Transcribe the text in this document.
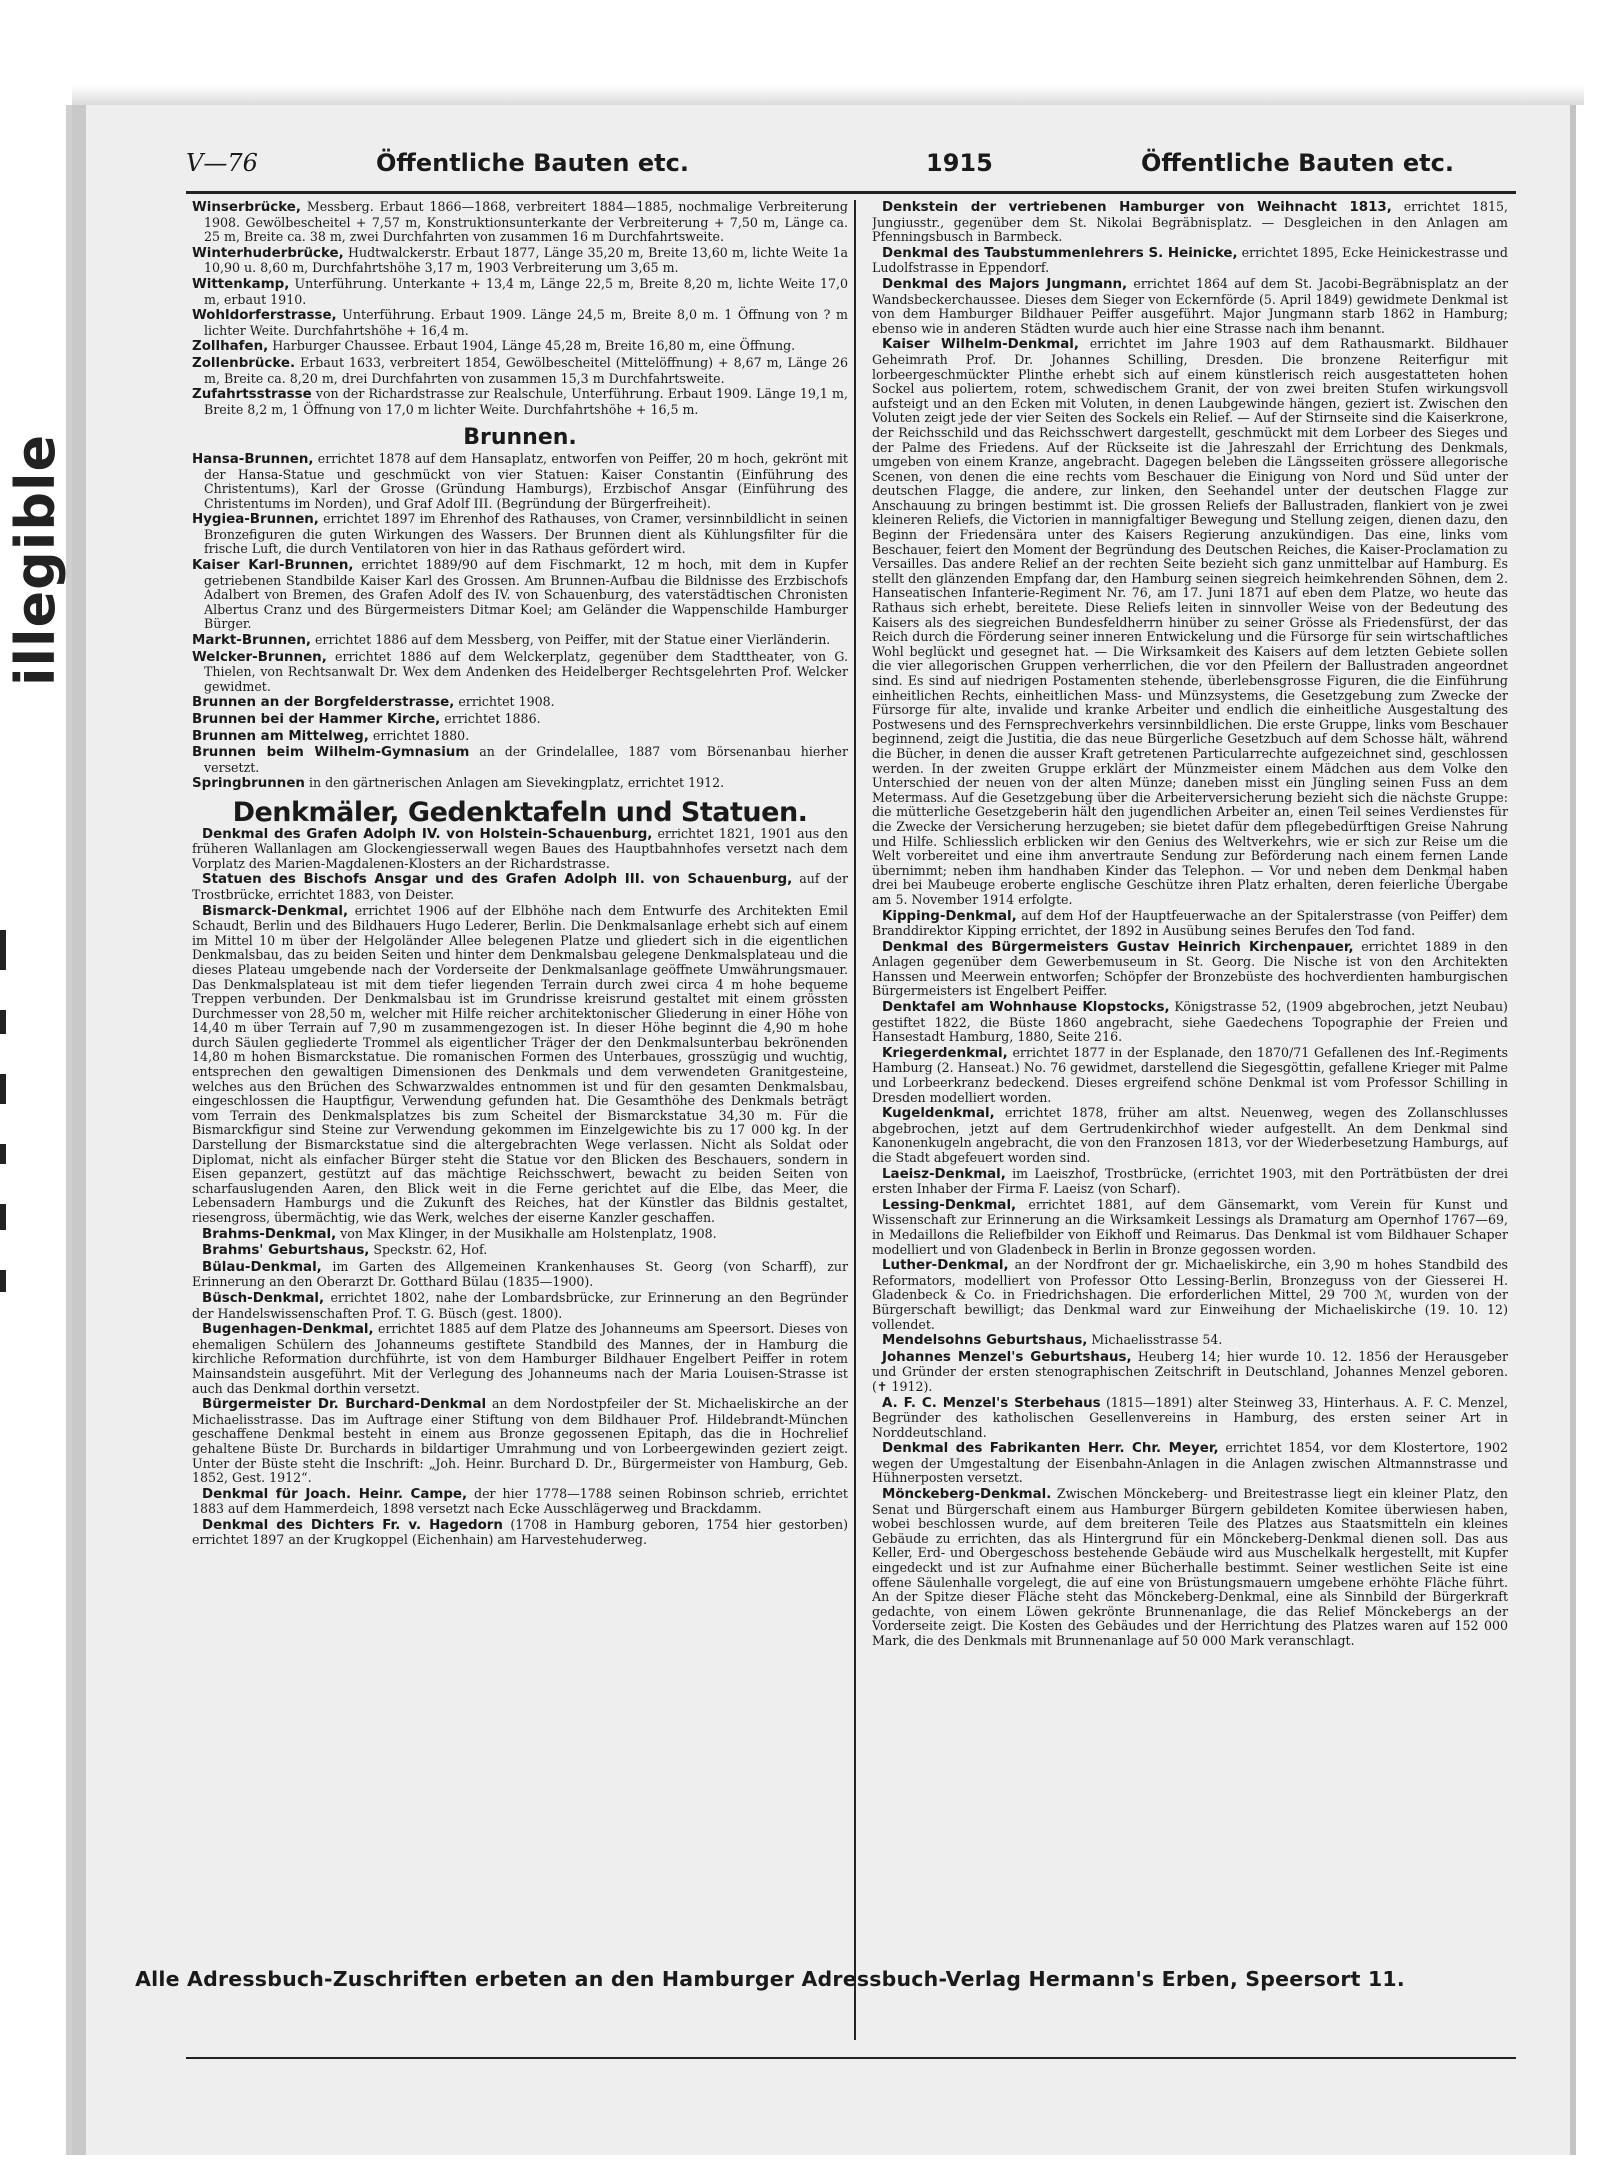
illegible
V—76	Öffentliche Bauten etc.	1915	Öffentliche Bauten etc.

Winserbrücke, Messberg. Erbaut 1866—1868, verbreitert 1884—1885, nochmalige Verbreiterung 1908. Gewölbescheitel + 7,57 m, Konstruktionsunterkante der Verbreiterung + 7,50 m, Länge ca. 25 m, Breite ca. 38 m, zwei Durchfahrten von zusammen 16 m Durchfahrtsweite.

Winterhuderbrücke, Hudtwalckerstr. Erbaut 1877, Länge 35,20 m, Breite 13,60 m, lichte Weite 1a 10,90 u. 8,60 m, Durchfahrtshöhe 3,17 m, 1903 Verbreiterung um 3,65 m.

Wittenkamp, Unterführung. Unterkante + 13,4 m, Länge 22,5 m, Breite 8,20 m, lichte Weite 17,0 m, erbaut 1910.

Wohldorferstrasse, Unterführung. Erbaut 1909. Länge 24,5 m, Breite 8,0 m. 1 Öffnung von ? m lichter Weite. Durchfahrtshöhe + 16,4 m.

Zollhafen, Harburger Chaussee. Erbaut 1904, Länge 45,28 m, Breite 16,80 m, eine Öffnung.

Zollenbrücke. Erbaut 1633, verbreitert 1854, Gewölbescheitel (Mittelöffnung) + 8,67 m, Länge 26 m, Breite ca. 8,20 m, drei Durchfahrten von zusammen 15,3 m Durchfahrtsweite.

Zufahrtsstrasse von der Richardstrasse zur Realschule, Unterführung. Erbaut 1909. Länge 19,1 m, Breite 8,2 m, 1 Öffnung von 17,0 m lichter Weite. Durchfahrtshöhe + 16,5 m.

Brunnen.

Hansa-Brunnen, errichtet 1878 auf dem Hansaplatz, entworfen von Peiffer, 20 m hoch, gekrönt mit der Hansa-Statue und geschmückt von vier Statuen: Kaiser Constantin (Einführung des Christentums), Karl der Grosse (Gründung Hamburgs), Erzbischof Ansgar (Einführung des Christentums im Norden), und Graf Adolf III. (Begründung der Bürgerfreiheit).

Hygiea-Brunnen, errichtet 1897 im Ehrenhof des Rathauses, von Cramer, versinnbildlicht in seinen Bronzefiguren die guten Wirkungen des Wassers. Der Brunnen dient als Kühlungsfilter für die frische Luft, die durch Ventilatoren von hier in das Rathaus gefördert wird.

Kaiser Karl-Brunnen, errichtet 1889/90 auf dem Fischmarkt, 12 m hoch, mit dem in Kupfer getriebenen Standbilde Kaiser Karl des Grossen. Am Brunnen-Aufbau die Bildnisse des Erzbischofs Adalbert von Bremen, des Grafen Adolf des IV. von Schauenburg, des vaterstädtischen Chronisten Albertus Cranz und des Bürgermeisters Ditmar Koel; am Geländer die Wappenschilde Hamburger Bürger.

Markt-Brunnen, errichtet 1886 auf dem Messberg, von Peiffer, mit der Statue einer Vierländerin.

Welcker-Brunnen, errichtet 1886 auf dem Welckerplatz, gegenüber dem Stadttheater, von G. Thielen, von Rechtsanwalt Dr. Wex dem Andenken des Heidelberger Rechtsgelehrten Prof. Welcker gewidmet.

Brunnen an der Borgfelderstrasse, errichtet 1908.

Brunnen bei der Hammer Kirche, errichtet 1886.

Brunnen am Mittelweg, errichtet 1880.

Brunnen beim Wilhelm-Gymnasium an der Grindelallee, 1887 vom Börsenanbau hierher versetzt.

Springbrunnen in den gärtnerischen Anlagen am Sievekingplatz, errichtet 1912.

Denkmäler, Gedenktafeln und Statuen.

Denkmal des Grafen Adolph IV. von Holstein-Schauenburg, errichtet 1821, 1901 aus den früheren Wallanlagen am Glockengiesserwall wegen Baues des Hauptbahnhofes versetzt nach dem Vorplatz des Marien-Magdalenen-Klosters an der Richardstrasse.

Statuen des Bischofs Ansgar und des Grafen Adolph III. von Schauenburg, auf der Trostbrücke, errichtet 1883, von Deister.

Bismarck-Denkmal, errichtet 1906 auf der Elbhöhe nach dem Entwurfe des Architekten Emil Schaudt, Berlin und des Bildhauers Hugo Lederer, Berlin. Die Denkmalsanlage erhebt sich auf einem im Mittel 10 m über der Helgoländer Allee belegenen Platze und gliedert sich in die eigentlichen Denkmalsbau, das zu beiden Seiten und hinter dem Denkmalsbau gelegene Denkmalsplateau und die dieses Plateau umgebende nach der Vorderseite der Denkmalsanlage geöffnete Umwährungsmauer. Das Denkmalsplateau ist mit dem tiefer liegenden Terrain durch zwei circa 4 m hohe bequeme Treppen verbunden. Der Denkmalsbau ist im Grundrisse kreisrund gestaltet mit einem grössten Durchmesser von 28,50 m, welcher mit Hilfe reicher architektonischer Gliederung in einer Höhe von 14,40 m über Terrain auf 7,90 m zusammengezogen ist. In dieser Höhe beginnt die 4,90 m hohe durch Säulen gegliederte Trommel als eigentlicher Träger der den Denkmalsunterbau bekrönenden 14,80 m hohen Bismarckstatue. Die romanischen Formen des Unterbaues, grosszügig und wuchtig, entsprechen den gewaltigen Dimensionen des Denkmals und dem verwendeten Granitgesteine, welches aus den Brüchen des Schwarzwaldes entnommen ist und für den gesamten Denkmalsbau, eingeschlossen die Hauptfigur, Verwendung gefunden hat. Die Gesamthöhe des Denkmals beträgt vom Terrain des Denkmalsplatzes bis zum Scheitel der Bismarckstatue 34,30 m. Für die Bismarckfigur sind Steine zur Verwendung gekommen im Einzelgewichte bis zu 17 000 kg. In der Darstellung der Bismarckstatue sind die altergebrachten Wege verlassen. Nicht als Soldat oder Diplomat, nicht als einfacher Bürger steht die Statue vor den Blicken des Beschauers, sondern in Eisen gepanzert, gestützt auf das mächtige Reichsschwert, bewacht zu beiden Seiten von scharfauslugenden Aaren, den Blick weit in die Ferne gerichtet auf die Elbe, das Meer, die Lebensadern Hamburgs und die Zukunft des Reiches, hat der Künstler das Bildnis gestaltet, riesengross, übermächtig, wie das Werk, welches der eiserne Kanzler geschaffen.

Brahms-Denkmal, von Max Klinger, in der Musikhalle am Holstenplatz, 1908.

Brahms' Geburtshaus, Speckstr. 62, Hof.

Bülau-Denkmal, im Garten des Allgemeinen Krankenhauses St. Georg (von Scharff), zur Erinnerung an den Oberarzt Dr. Gotthard Bülau (1835—1900).

Büsch-Denkmal, errichtet 1802, nahe der Lombardsbrücke, zur Erinnerung an den Begründer der Handelswissenschaften Prof. T. G. Büsch (gest. 1800).

Bugenhagen-Denkmal, errichtet 1885 auf dem Platze des Johanneums am Speersort. Dieses von ehemaligen Schülern des Johanneums gestiftete Standbild des Mannes, der in Hamburg die kirchliche Reformation durchführte, ist von dem Hamburger Bildhauer Engelbert Peiffer in rotem Mainsandstein ausgeführt. Mit der Verlegung des Johanneums nach der Maria Louisen-Strasse ist auch das Denkmal dorthin versetzt.

Bürgermeister Dr. Burchard-Denkmal an dem Nordostpfeiler der St. Michaeliskirche an der Michaelisstrasse. Das im Auftrage einer Stiftung von dem Bildhauer Prof. Hildebrandt-München geschaffene Denkmal besteht in einem aus Bronze gegossenen Epitaph, das die in Hochrelief gehaltene Büste Dr. Burchards in bildartiger Umrahmung und von Lorbeergewinden geziert zeigt. Unter der Büste steht die Inschrift: „Joh. Heinr. Burchard D. Dr., Bürgermeister von Hamburg, Geb. 1852, Gest. 1912“.

Denkmal für Joach. Heinr. Campe, der hier 1778—1788 seinen Robinson schrieb, errichtet 1883 auf dem Hammerdeich, 1898 versetzt nach Ecke Ausschlägerweg und Brackdamm.

Denkmal des Dichters Fr. v. Hagedorn (1708 in Hamburg geboren, 1754 hier gestorben) errichtet 1897 an der Krugkoppel (Eichenhain) am Harvestehuderweg.

Denkstein der vertriebenen Hamburger von Weihnacht 1813, errichtet 1815, Jungiusstr., gegenüber dem St. Nikolai Begräbnisplatz. — Desgleichen in den Anlagen am Pfenningsbusch in Barmbeck.

Denkmal des Taubstummenlehrers S. Heinicke, errichtet 1895, Ecke Heinickestrasse und Ludolfstrasse in Eppendorf.

Denkmal des Majors Jungmann, errichtet 1864 auf dem St. Jacobi-Begräbnisplatz an der Wandsbeckerchaussee. Dieses dem Sieger von Eckernförde (5. April 1849) gewidmete Denkmal ist von dem Hamburger Bildhauer Peiffer ausgeführt. Major Jungmann starb 1862 in Hamburg; ebenso wie in anderen Städten wurde auch hier eine Strasse nach ihm benannt.

Kaiser Wilhelm-Denkmal, errichtet im Jahre 1903 auf dem Rathausmarkt. Bildhauer Geheimrath Prof. Dr. Johannes Schilling, Dresden. Die bronzene Reiterfigur mit lorbeergeschmückter Plinthe erhebt sich auf einem künstlerisch reich ausgestatteten hohen Sockel aus poliertem, rotem, schwedischem Granit, der von zwei breiten Stufen wirkungsvoll aufsteigt und an den Ecken mit Voluten, in denen Laubgewinde hängen, geziert ist. Zwischen den Voluten zeigt jede der vier Seiten des Sockels ein Relief. — Auf der Stirnseite sind die Kaiserkrone, der Reichsschild und das Reichsschwert dargestellt, geschmückt mit dem Lorbeer des Sieges und der Palme des Friedens. Auf der Rückseite ist die Jahreszahl der Errichtung des Denkmals, umgeben von einem Kranze, angebracht. Dagegen beleben die Längsseiten grössere allegorische Scenen, von denen die eine rechts vom Beschauer die Einigung von Nord und Süd unter der deutschen Flagge, die andere, zur linken, den Seehandel unter der deutschen Flagge zur Anschauung zu bringen bestimmt ist. Die grossen Reliefs der Ballustraden, flankiert von je zwei kleineren Reliefs, die Victorien in mannigfaltiger Bewegung und Stellung zeigen, dienen dazu, den Beginn der Friedensära unter des Kaisers Regierung anzukündigen. Das eine, links vom Beschauer, feiert den Moment der Begründung des Deutschen Reiches, die Kaiser-Proclamation zu Versailles. Das andere Relief an der rechten Seite bezieht sich ganz unmittelbar auf Hamburg. Es stellt den glänzenden Empfang dar, den Hamburg seinen siegreich heimkehrenden Söhnen, dem 2. Hanseatischen Infanterie-Regiment Nr. 76, am 17. Juni 1871 auf eben dem Platze, wo heute das Rathaus sich erhebt, bereitete. Diese Reliefs leiten in sinnvoller Weise von der Bedeutung des Kaisers als des siegreichen Bundesfeldherrn hinüber zu seiner Grösse als Friedensfürst, der das Reich durch die Förderung seiner inneren Entwickelung und die Fürsorge für sein wirtschaftliches Wohl beglückt und gesegnet hat. — Die Wirksamkeit des Kaisers auf dem letzten Gebiete sollen die vier allegorischen Gruppen verherrlichen, die vor den Pfeilern der Ballustraden angeordnet sind. Es sind auf niedrigen Postamenten stehende, überlebensgrosse Figuren, die die Einführung einheitlichen Rechts, einheitlichen Mass- und Münzsystems, die Gesetzgebung zum Zwecke der Fürsorge für alte, invalide und kranke Arbeiter und endlich die einheitliche Ausgestaltung des Postwesens und des Fernsprechverkehrs versinnbildlichen. Die erste Gruppe, links vom Beschauer beginnend, zeigt die Justitia, die das neue Bürgerliche Gesetzbuch auf dem Schosse hält, während die Bücher, in denen die ausser Kraft getretenen Particularrechte aufgezeichnet sind, geschlossen werden. In der zweiten Gruppe erklärt der Münzmeister einem Mädchen aus dem Volke den Unterschied der neuen von der alten Münze; daneben misst ein Jüngling seinen Fuss an dem Metermass. Auf die Gesetzgebung über die Arbeiterversicherung bezieht sich die nächste Gruppe: die mütterliche Gesetzgeberin hält den jugendlichen Arbeiter an, einen Teil seines Verdienstes für die Zwecke der Versicherung herzugeben; sie bietet dafür dem pflegebedürftigen Greise Nahrung und Hilfe. Schliesslich erblicken wir den Genius des Weltverkehrs, wie er sich zur Reise um die Welt vorbereitet und eine ihm anvertraute Sendung zur Beförderung nach einem fernen Lande übernimmt; neben ihm handhaben Kinder das Telephon. — Vor und neben dem Denkmal haben drei bei Maubeuge eroberte englische Geschütze ihren Platz erhalten, deren feierliche Übergabe am 5. November 1914 erfolgte.

Kipping-Denkmal, auf dem Hof der Hauptfeuerwache an der Spitalerstrasse (von Peiffer) dem Branddirektor Kipping errichtet, der 1892 in Ausübung seines Berufes den Tod fand.

Denkmal des Bürgermeisters Gustav Heinrich Kirchenpauer, errichtet 1889 in den Anlagen gegenüber dem Gewerbemuseum in St. Georg. Die Nische ist von den Architekten Hanssen und Meerwein entworfen; Schöpfer der Bronzebüste des hochverdienten hamburgischen Bürgermeisters ist Engelbert Peiffer.

Denktafel am Wohnhause Klopstocks, Königstrasse 52, (1909 abgebrochen, jetzt Neubau) gestiftet 1822, die Büste 1860 angebracht, siehe Gaedechens Topographie der Freien und Hansestadt Hamburg, 1880, Seite 216.

Kriegerdenkmal, errichtet 1877 in der Esplanade, den 1870/71 Gefallenen des Inf.-Regiments Hamburg (2. Hanseat.) No. 76 gewidmet, darstellend die Siegesgöttin, gefallene Krieger mit Palme und Lorbeerkranz bedeckend. Dieses ergreifend schöne Denkmal ist vom Professor Schilling in Dresden modelliert worden.

Kugeldenkmal, errichtet 1878, früher am altst. Neuenweg, wegen des Zollanschlusses abgebrochen, jetzt auf dem Gertrudenkirchhof wieder aufgestellt. An dem Denkmal sind Kanonenkugeln angebracht, die von den Franzosen 1813, vor der Wiederbesetzung Hamburgs, auf die Stadt abgefeuert worden sind.

Laeisz-Denkmal, im Laeiszhof, Trostbrücke, (errichtet 1903, mit den Porträtbüsten der drei ersten Inhaber der Firma F. Laeisz (von Scharf).

Lessing-Denkmal, errichtet 1881, auf dem Gänsemarkt, vom Verein für Kunst und Wissenschaft zur Erinnerung an die Wirksamkeit Lessings als Dramaturg am Opernhof 1767—69, in Medaillons die Reliefbilder von Eikhoff und Reimarus. Das Denkmal ist vom Bildhauer Schaper modelliert und von Gladenbeck in Berlin in Bronze gegossen worden.

Luther-Denkmal, an der Nordfront der gr. Michaeliskirche, ein 3,90 m hohes Standbild des Reformators, modelliert von Professor Otto Lessing-Berlin, Bronzeguss von der Giesserei H. Gladenbeck & Co. in Friedrichshagen. Die erforderlichen Mittel, 29 700 ℳ, wurden von der Bürgerschaft bewilligt; das Denkmal ward zur Einweihung der Michaeliskirche (19. 10. 12) vollendet.

Mendelsohns Geburtshaus, Michaelisstrasse 54.

Johannes Menzel's Geburtshaus, Heuberg 14; hier wurde 10. 12. 1856 der Herausgeber und Gründer der ersten stenographischen Zeitschrift in Deutschland, Johannes Menzel geboren. (✝ 1912).

A. F. C. Menzel's Sterbehaus (1815—1891) alter Steinweg 33, Hinterhaus. A. F. C. Menzel, Begründer des katholischen Gesellenvereins in Hamburg, des ersten seiner Art in Norddeutschland.

Denkmal des Fabrikanten Herr. Chr. Meyer, errichtet 1854, vor dem Klostertore, 1902 wegen der Umgestaltung der Eisenbahn-Anlagen in die Anlagen zwischen Altmannstrasse und Hühnerposten versetzt.

Mönckeberg-Denkmal. Zwischen Mönckeberg- und Breitestrasse liegt ein kleiner Platz, den Senat und Bürgerschaft einem aus Hamburger Bürgern gebildeten Komitee überwiesen haben, wobei beschlossen wurde, auf dem breiteren Teile des Platzes aus Staatsmitteln ein kleines Gebäude zu errichten, das als Hintergrund für ein Mönckeberg-Denkmal dienen soll. Das aus Keller, Erd- und Obergeschoss bestehende Gebäude wird aus Muschelkalk hergestellt, mit Kupfer eingedeckt und ist zur Aufnahme einer Bücherhalle bestimmt. Seiner westlichen Seite ist eine offene Säulenhalle vorgelegt, die auf eine von Brüstungsmauern umgebene erhöhte Fläche führt. An der Spitze dieser Fläche steht das Mönckeberg-Denkmal, eine als Sinnbild der Bürgerkraft gedachte, von einem Löwen gekrönte Brunnenanlage, die das Relief Mönckebergs an der Vorderseite zeigt. Die Kosten des Gebäudes und der Herrichtung des Platzes waren auf 152 000 Mark, die des Denkmals mit Brunnenanlage auf 50 000 Mark veranschlagt.

Alle Adressbuch-Zuschriften erbeten an den Hamburger Adressbuch-Verlag Hermann's Erben, Speersort 11.
